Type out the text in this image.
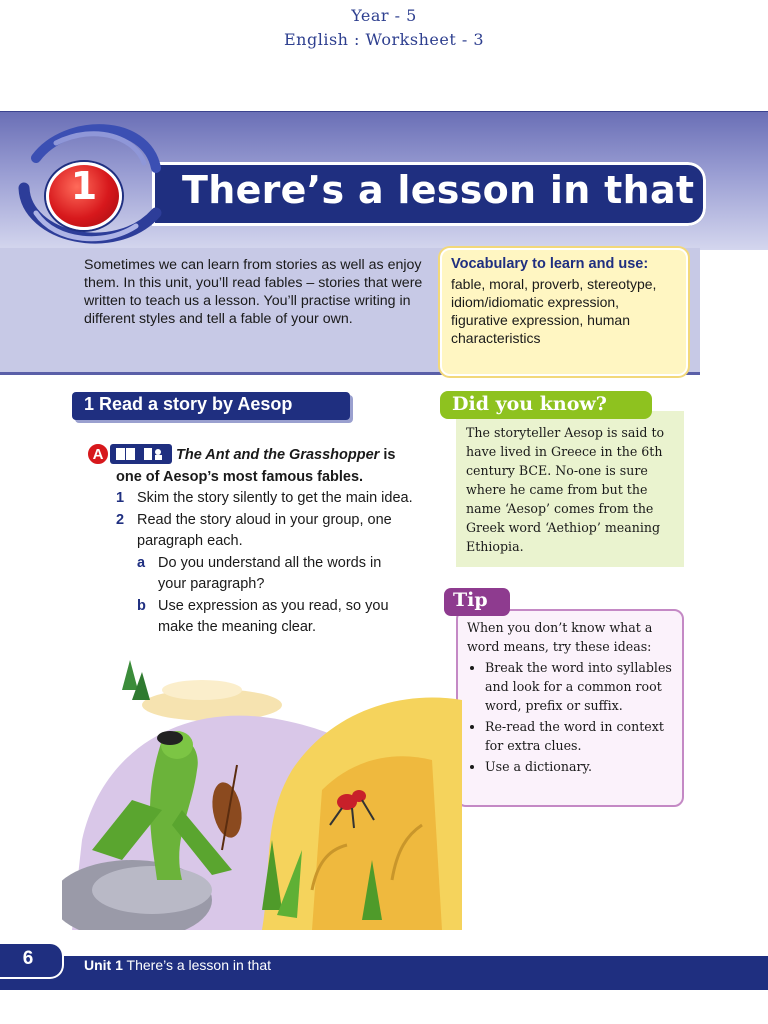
Year - 5
English : Worksheet - 3
1	There’s a lesson in that
Sometimes we can learn from stories as well as enjoy them. In this unit, you’ll read fables – stories that were written to teach us a lesson. You’ll practise writing in different styles and tell a fable of your own.
Vocabulary to learn and use:
fable, moral, proverb, stereotype, idiom/idiomatic expression, figurative expression, human characteristics
1 Read a story by Aesop
A	The Ant and the Grasshopper is
one of Aesop’s most famous fables.
1 Skim the story silently to get the main idea.
2 Read the story aloud in your group, one
paragraph each.
a Do you understand all the words in
your paragraph?
b Use expression as you read, so you
make the meaning clear.
Did you know?
The storyteller Aesop is said to have lived in Greece in the 6th century BCE. No-one is sure where he came from but the name ‘Aesop’ comes from the Greek word ‘Aethiop’ meaning Ethiopia.
Tip
When you don’t know what a word means, try these ideas:
• Break the word into syllables and look for a common root word, prefix or suffix.
• Re-read the word in context for extra clues.
• Use a dictionary.
6	Unit 1 There’s a lesson in that
